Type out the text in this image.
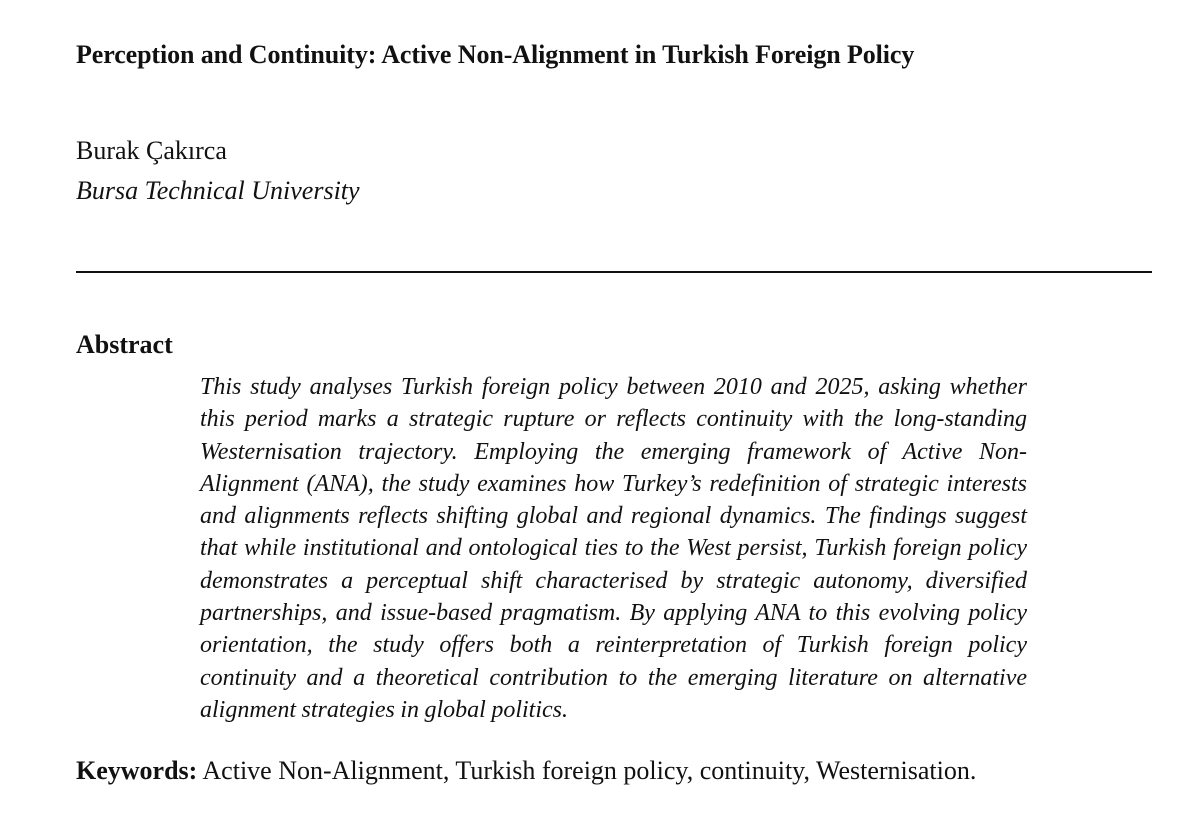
Perception and Continuity: Active Non-Alignment in Turkish Foreign Policy
Burak Çakırca
Bursa Technical University
Abstract

This study analyses Turkish foreign policy between 2010 and 2025, asking whether this period marks a strategic rupture or reflects continuity with the long-standing Westernisation trajectory. Employing the emerging framework of Active Non-Alignment (ANA), the study examines how Turkey’s redefinition of strategic interests and alignments reflects shifting global and regional dynamics. The findings suggest that while institutional and ontological ties to the West persist, Turkish foreign policy demonstrates a perceptual shift characterised by strategic autonomy, diversified partnerships, and issue-based pragmatism. By applying ANA to this evolving policy orientation, the study offers both a reinterpretation of Turkish foreign policy continuity and a theoretical contribution to the emerging literature on alternative alignment strategies in global politics.

Keywords: Active Non-Alignment, Turkish foreign policy, continuity, Westernisation.
